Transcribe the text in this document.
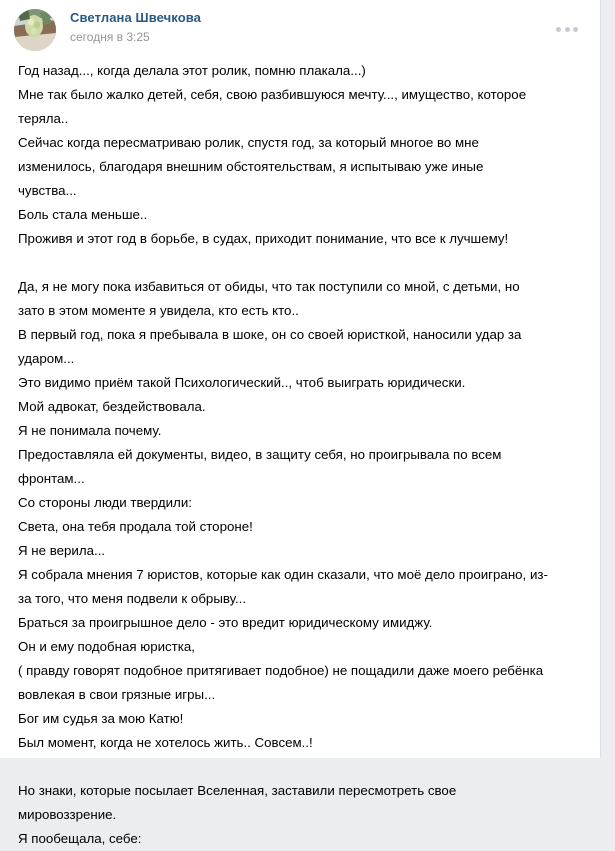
Светлана Швечкова
сегодня в 3:25
Год назад..., когда делала этот ролик, помню плакала...)
Мне так было жалко детей, себя, свою разбившуюся мечту..., имущество, которое
теряла..
Сейчас когда пересматриваю ролик, спустя год, за который многое во мне
изменилось, благодаря внешним обстоятельствам, я испытываю уже иные
чувства...
Боль стала меньше..
Проживя и этот год в борьбе, в судах, приходит понимание, что все к лучшему!

Да, я не могу пока избавиться от обиды, что так поступили со мной, с детьми, но
зато в этом моменте я увидела, кто есть кто..
В первый год, пока я пребывала в шоке, он со своей юристкой, наносили удар за
ударом...
Это видимо приём такой Психологический.., чтоб выиграть юридически.
Мой адвокат, бездействовала.
Я не понимала почему.
Предоставляла ей документы, видео, в защиту себя, но проигрывала по всем
фронтам...
Со стороны люди твердили:
Света, она тебя продала той стороне!
Я не верила...
Я собрала мнения 7 юристов, которые как один сказали, что моё дело проиграно, из-
за того, что меня подвели к обрыву...
Браться за проигрышное дело - это вредит юридическому имиджу.
Он и ему подобная юристка,
( правду говорят подобное притягивает подобное) не пощадили даже моего ребёнка
вовлекая в свои грязные игры...
Бог им судья за мою Катю!
Был момент, когда не хотелось жить.. Совсем..!

Но знаки, которые посылает Вселенная, заставили пересмотреть свое
мировоззрение.
Я пообещала, себе:
